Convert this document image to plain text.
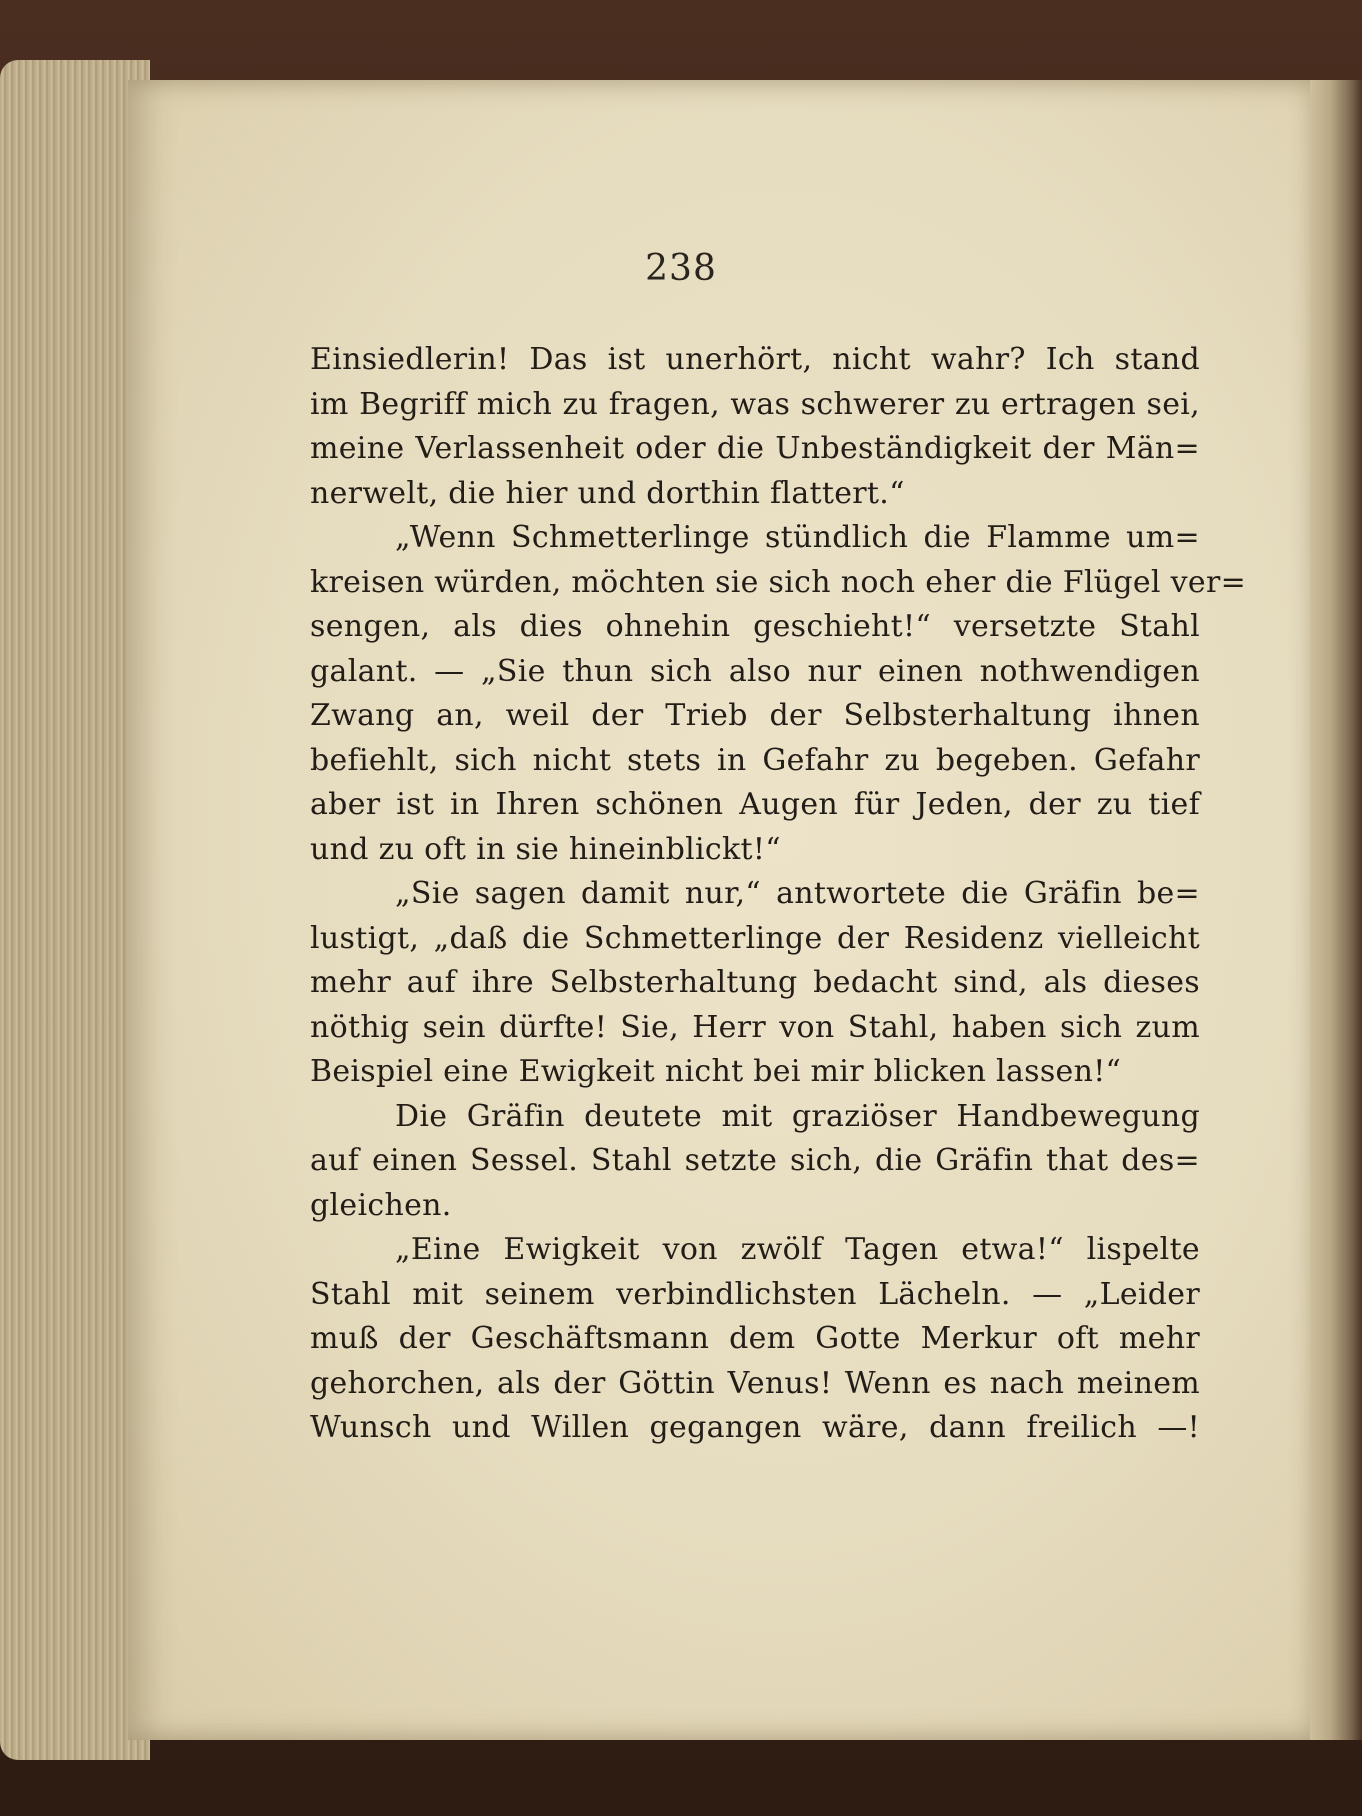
238
Einsiedlerin! Das ist unerhört, nicht wahr? Ich stand
im Begriff mich zu fragen, was schwerer zu ertragen sei,
meine Verlassenheit oder die Unbeständigkeit der Män=
nerwelt, die hier und dorthin flattert.“
„Wenn Schmetterlinge stündlich die Flamme um=
kreisen würden, möchten sie sich noch eher die Flügel ver=
sengen, als dies ohnehin geschieht!“ versetzte Stahl
galant. — „Sie thun sich also nur einen nothwendigen
Zwang an, weil der Trieb der Selbsterhaltung ihnen
befiehlt, sich nicht stets in Gefahr zu begeben. Gefahr
aber ist in Ihren schönen Augen für Jeden, der zu tief
und zu oft in sie hineinblickt!“
„Sie sagen damit nur,“ antwortete die Gräfin be=
lustigt, „daß die Schmetterlinge der Residenz vielleicht
mehr auf ihre Selbsterhaltung bedacht sind, als dieses
nöthig sein dürfte! Sie, Herr von Stahl, haben sich zum
Beispiel eine Ewigkeit nicht bei mir blicken lassen!“
Die Gräfin deutete mit graziöser Handbewegung
auf einen Sessel. Stahl setzte sich, die Gräfin that des=
gleichen.
„Eine Ewigkeit von zwölf Tagen etwa!“ lispelte
Stahl mit seinem verbindlichsten Lächeln. — „Leider
muß der Geschäftsmann dem Gotte Merkur oft mehr
gehorchen, als der Göttin Venus! Wenn es nach meinem
Wunsch und Willen gegangen wäre, dann freilich —!
